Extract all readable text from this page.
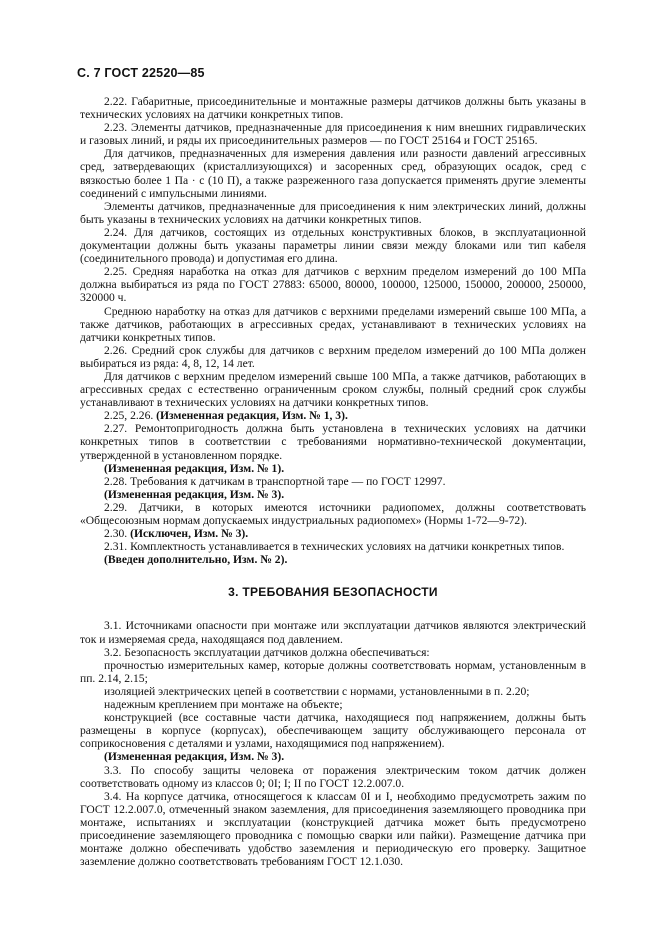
С. 7 ГОСТ 22520—85

2.22. Габаритные, присоединительные и монтажные размеры датчиков должны быть указаны в технических условиях на датчики конкретных типов.

2.23. Элементы датчиков, предназначенные для присоединения к ним внешних гидравлических и газовых линий, и ряды их присоединительных размеров — по ГОСТ 25164 и ГОСТ 25165.

Для датчиков, предназначенных для измерения давления или разности давлений агрессивных сред, затвердевающих (кристаллизующихся) и засоренных сред, образующих осадок, сред с вязкостью более 1 Па · с (10 П), а также разреженного газа допускается применять другие элементы соединений с импульсными линиями.

Элементы датчиков, предназначенные для присоединения к ним электрических линий, должны быть указаны в технических условиях на датчики конкретных типов.

2.24. Для датчиков, состоящих из отдельных конструктивных блоков, в эксплуатационной документации должны быть указаны параметры линии связи между блоками или тип кабеля (соединительного провода) и допустимая его длина.

2.25. Средняя наработка на отказ для датчиков с верхним пределом измерений до 100 МПа должна выбираться из ряда по ГОСТ 27883: 65000, 80000, 100000, 125000, 150000, 200000, 250000, 320000 ч.

Среднюю наработку на отказ для датчиков с верхними пределами измерений свыше 100 МПа, а также датчиков, работающих в агрессивных средах, устанавливают в технических условиях на датчики конкретных типов.

2.26. Средний срок службы для датчиков с верхним пределом измерений до 100 МПа должен выбираться из ряда: 4, 8, 12, 14 лет.

Для датчиков с верхним пределом измерений свыше 100 МПа, а также датчиков, работающих в агрессивных средах с естественно ограниченным сроком службы, полный средний срок службы устанавливают в технических условиях на датчики конкретных типов.

2.25, 2.26. (Измененная редакция, Изм. № 1, 3).

2.27. Ремонтопригодность должна быть установлена в технических условиях на датчики конкретных типов в соответствии с требованиями нормативно-технической документации, утвержденной в установленном порядке.

(Измененная редакция, Изм. № 1).

2.28. Требования к датчикам в транспортной таре — по ГОСТ 12997.

(Измененная редакция, Изм. № 3).

2.29. Датчики, в которых имеются источники радиопомех, должны соответствовать «Общесоюзным нормам допускаемых индустриальных радиопомех» (Нормы 1-72—9-72).

2.30. (Исключен, Изм. № 3).

2.31. Комплектность устанавливается в технических условиях на датчики конкретных типов.

(Введен дополнительно, Изм. № 2).

3. ТРЕБОВАНИЯ БЕЗОПАСНОСТИ

3.1. Источниками опасности при монтаже или эксплуатации датчиков являются электрический ток и измеряемая среда, находящаяся под давлением.

3.2. Безопасность эксплуатации датчиков должна обеспечиваться:

прочностью измерительных камер, которые должны соответствовать нормам, установленным в пп. 2.14, 2.15;

изоляцией электрических цепей в соответствии с нормами, установленными в п. 2.20;

надежным креплением при монтаже на объекте;

конструкцией (все составные части датчика, находящиеся под напряжением, должны быть размещены в корпусе (корпусах), обеспечивающем защиту обслуживающего персонала от соприкосновения с деталями и узлами, находящимися под напряжением).

(Измененная редакция, Изм. № 3).

3.3. По способу защиты человека от поражения электрическим током датчик должен соответствовать одному из классов 0; 0I; I; II по ГОСТ 12.2.007.0.

3.4. На корпусе датчика, относящегося к классам 0I и I, необходимо предусмотреть зажим по ГОСТ 12.2.007.0, отмеченный знаком заземления, для присоединения заземляющего проводника при монтаже, испытаниях и эксплуатации (конструкцией датчика может быть предусмотрено присоединение заземляющего проводника с помощью сварки или пайки). Размещение датчика при монтаже должно обеспечивать удобство заземления и периодическую его проверку. Защитное заземление должно соответствовать требованиям ГОСТ 12.1.030.
